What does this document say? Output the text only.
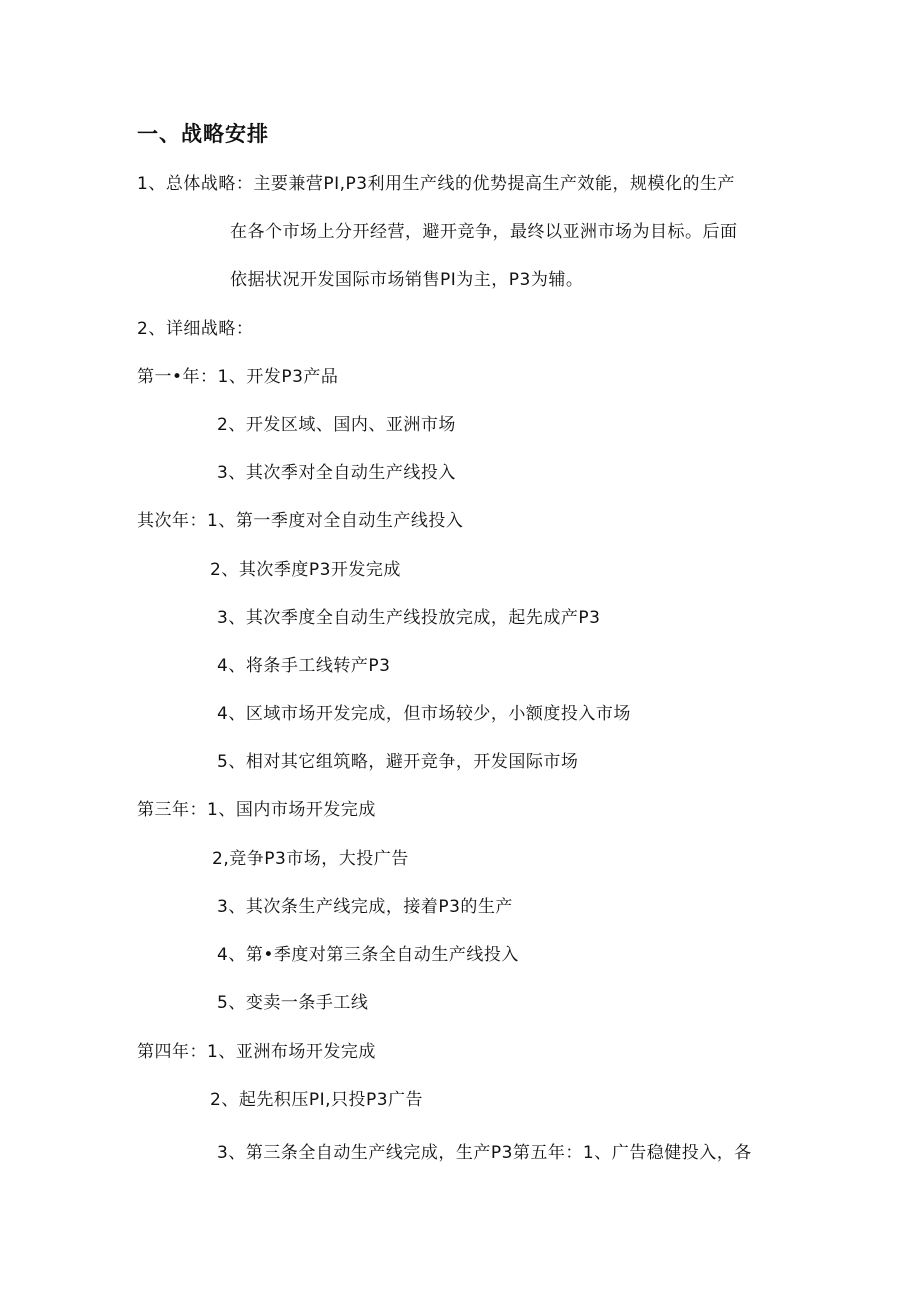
一、战略安排
1、总体战略：主要兼营PI,P3利用生产线的优势提高生产效能，规模化的生产
在各个市场上分开经营，避开竞争，最终以亚洲市场为目标。后面
依据状况开发国际市场销售PI为主，P3为辅。
2、详细战略：
第一•年：1、开发P3产品
2、开发区域、国内、亚洲市场
3、其次季对全自动生产线投入
其次年：1、第一季度对全自动生产线投入
2、其次季度P3开发完成
3、其次季度全自动生产线投放完成，起先成产P3
4、将条手工线转产P3
4、区域市场开发完成，但市场较少，小额度投入市场
5、相对其它组筑略，避开竞争，开发国际市场
第三年：1、国内市场开发完成
2,竞争P3市场，大投广告
3、其次条生产线完成，接着P3的生产
4、第•季度对第三条全自动生产线投入
5、变卖一条手工线
第四年：1、亚洲布场开发完成
2、起先积压PI,只投P3广告
3、第三条全自动生产线完成，生产P3第五年：1、广告稳健投入，各
